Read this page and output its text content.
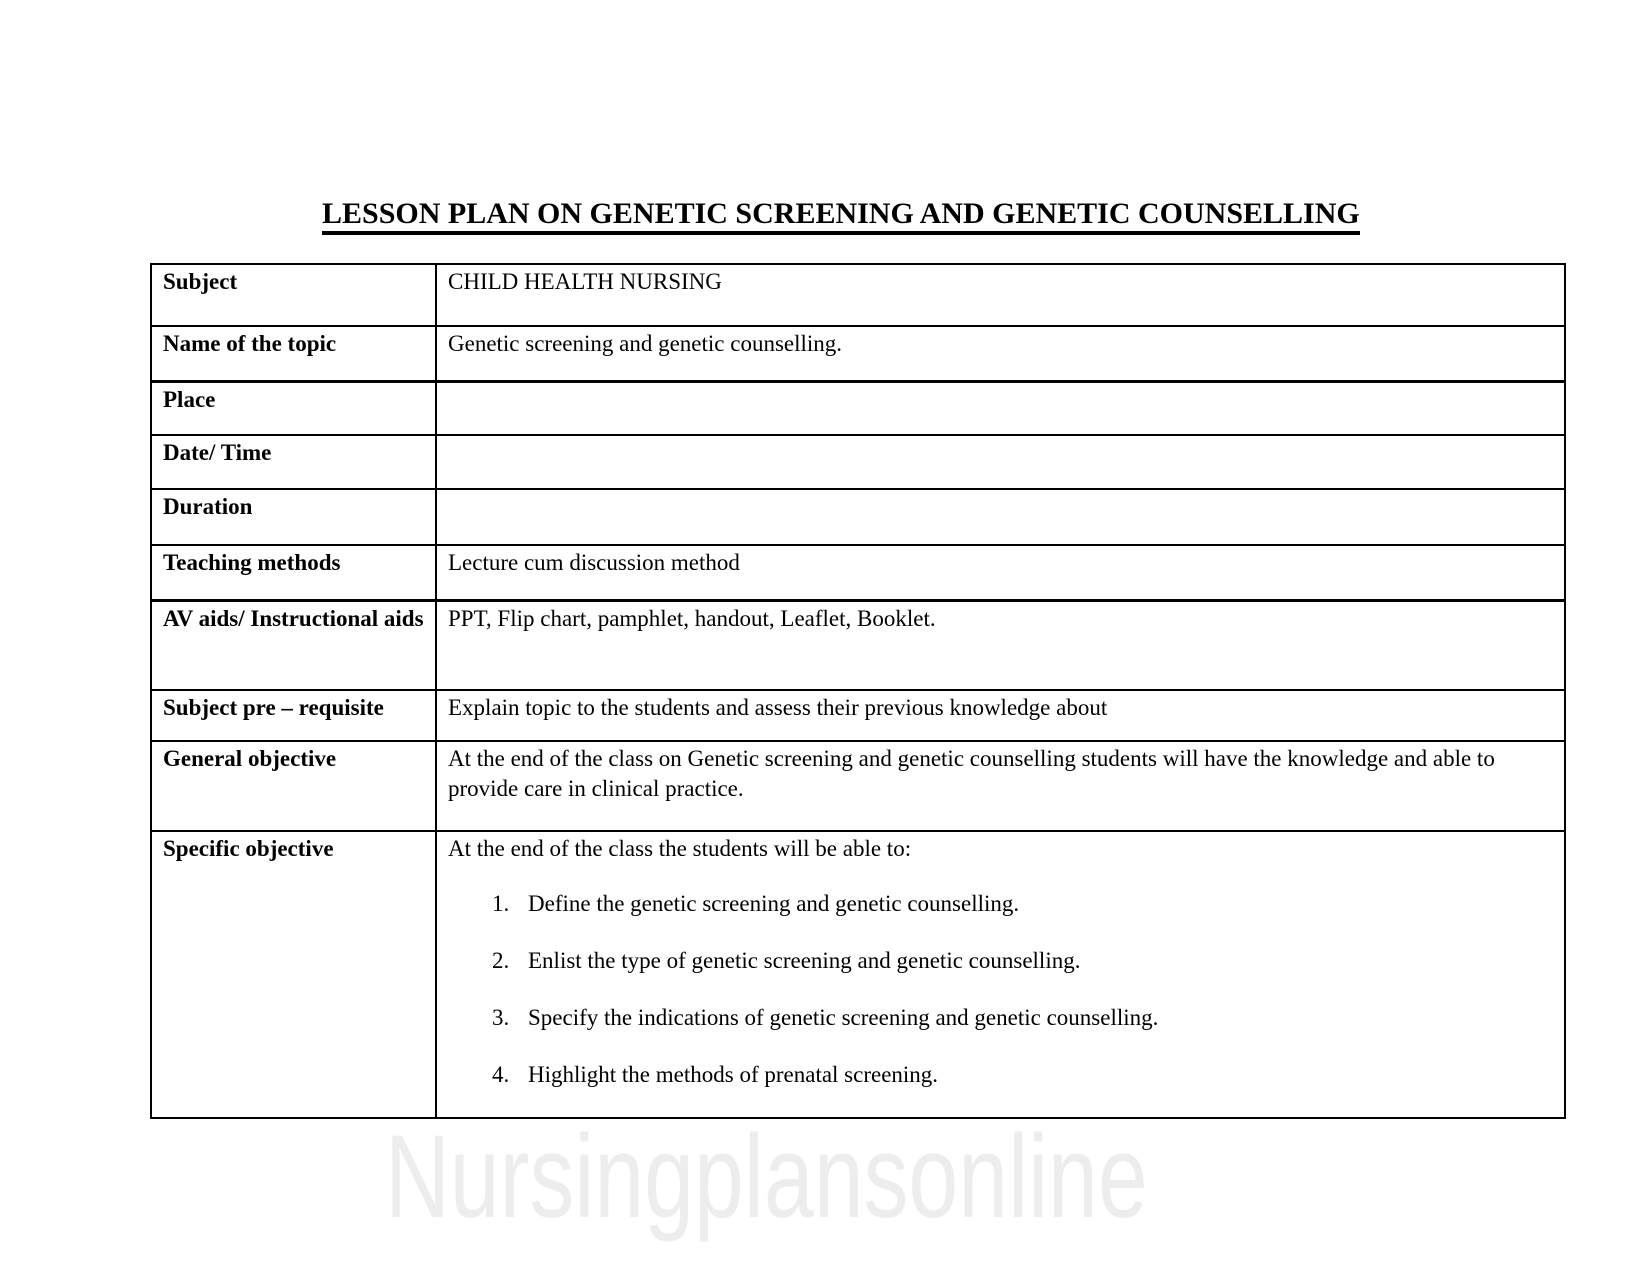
LESSON PLAN ON GENETIC SCREENING AND GENETIC COUNSELLING
Subject	CHILD HEALTH NURSING
Name of the topic	Genetic screening and genetic counselling.
Place	
Date/ Time	
Duration	
Teaching methods	Lecture cum discussion method
AV aids/ Instructional aids	PPT, Flip chart, pamphlet, handout, Leaflet, Booklet.
Subject pre – requisite	Explain topic to the students and assess their previous knowledge about
General objective	At the end of the class on Genetic screening and genetic counselling students will have the knowledge and able to provide care in clinical practice.
Specific objective	At the end of the class the students will be able to:

1. Define the genetic screening and genetic counselling.
2. Enlist the type of genetic screening and genetic counselling.
3. Specify the indications of genetic screening and genetic counselling.
4. Highlight the methods of prenatal screening.
Nursingplansonline
